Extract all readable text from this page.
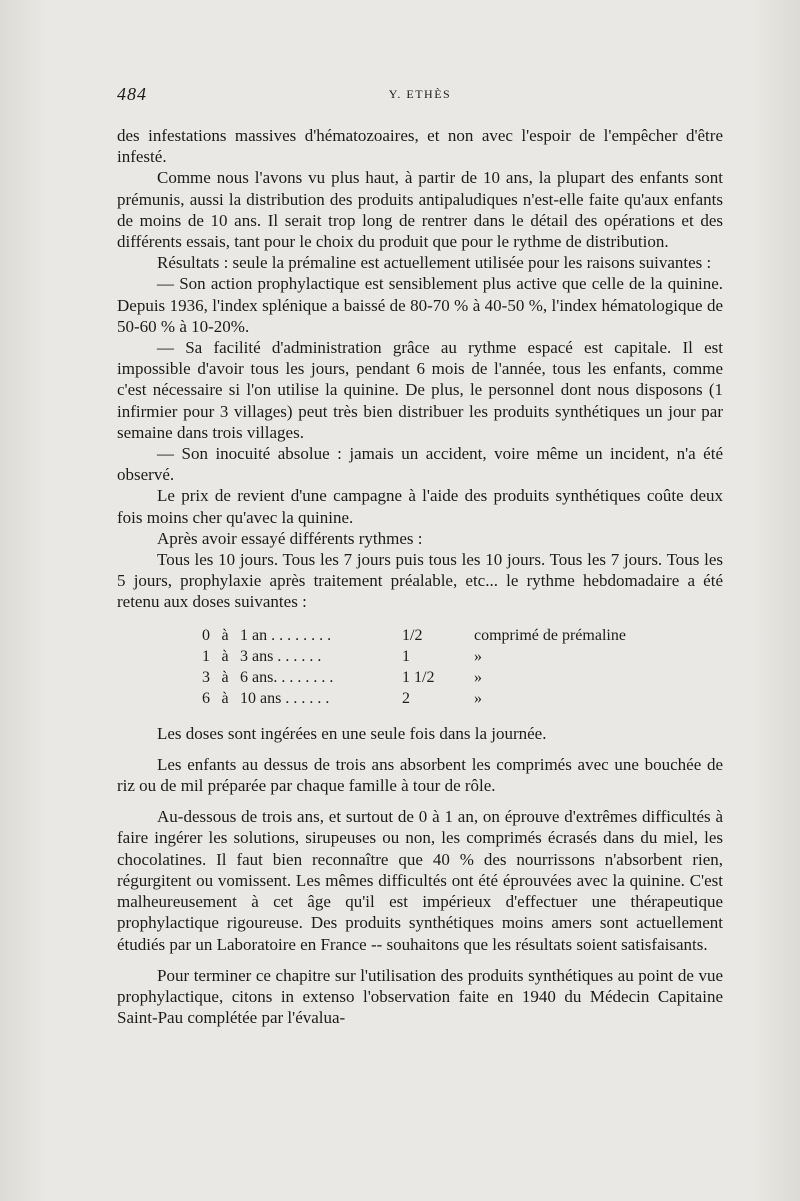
484	Y. ETHÈS

des infestations massives d'hématozoaires, et non avec l'espoir de l'empêcher d'être infesté.

Comme nous l'avons vu plus haut, à partir de 10 ans, la plupart des enfants sont prémunis, aussi la distribution des produits antipaludiques n'est-elle faite qu'aux enfants de moins de 10 ans. Il serait trop long de rentrer dans le détail des opérations et des différents essais, tant pour le choix du produit que pour le rythme de distribution.

Résultats : seule la prémaline est actuellement utilisée pour les raisons suivantes :

— Son action prophylactique est sensiblement plus active que celle de la quinine. Depuis 1936, l'index splénique a baissé de 80-70 % à 40-50 %, l'index hématologique de 50-60 % à 10-20%.

— Sa facilité d'administration grâce au rythme espacé est capitale. Il est impossible d'avoir tous les jours, pendant 6 mois de l'année, tous les enfants, comme c'est nécessaire si l'on utilise la quinine. De plus, le personnel dont nous disposons (1 infirmier pour 3 villages) peut très bien distribuer les produits synthétiques un jour par semaine dans trois villages.

— Son inocuité absolue : jamais un accident, voire même un incident, n'a été observé.

Le prix de revient d'une campagne à l'aide des produits synthétiques coûte deux fois moins cher qu'avec la quinine.

Après avoir essayé différents rythmes :

Tous les 10 jours. Tous les 7 jours puis tous les 10 jours. Tous les 7 jours. Tous les 5 jours, prophylaxie après traitement préalable, etc... le rythme hebdomadaire a été retenu aux doses suivantes :

0	à	1 an . . . . . . . .	1/2	comprimé de prémaline
1	à	3 ans . . . . . .	1	»
3	à	6 ans. . . . . . . .	1 1/2	»
6	à	10 ans . . . . . .	2	»

Les doses sont ingérées en une seule fois dans la journée.

Les enfants au dessus de trois ans absorbent les comprimés avec une bouchée de riz ou de mil préparée par chaque famille à tour de rôle.

Au-dessous de trois ans, et surtout de 0 à 1 an, on éprouve d'extrêmes difficultés à faire ingérer les solutions, sirupeuses ou non, les comprimés écrasés dans du miel, les chocolatines. Il faut bien reconnaître que 40 % des nourrissons n'absorbent rien, régurgitent ou vomissent. Les mêmes difficultés ont été éprouvées avec la quinine. C'est malheureusement à cet âge qu'il est impérieux d'effectuer une thérapeutique prophylactique rigoureuse. Des produits synthétiques moins amers sont actuellement étudiés par un Laboratoire en France -- souhaitons que les résultats soient satisfaisants.

Pour terminer ce chapitre sur l'utilisation des produits synthétiques au point de vue prophylactique, citons in extenso l'observation faite en 1940 du Médecin Capitaine Saint-Pau complétée par l'évalua-
